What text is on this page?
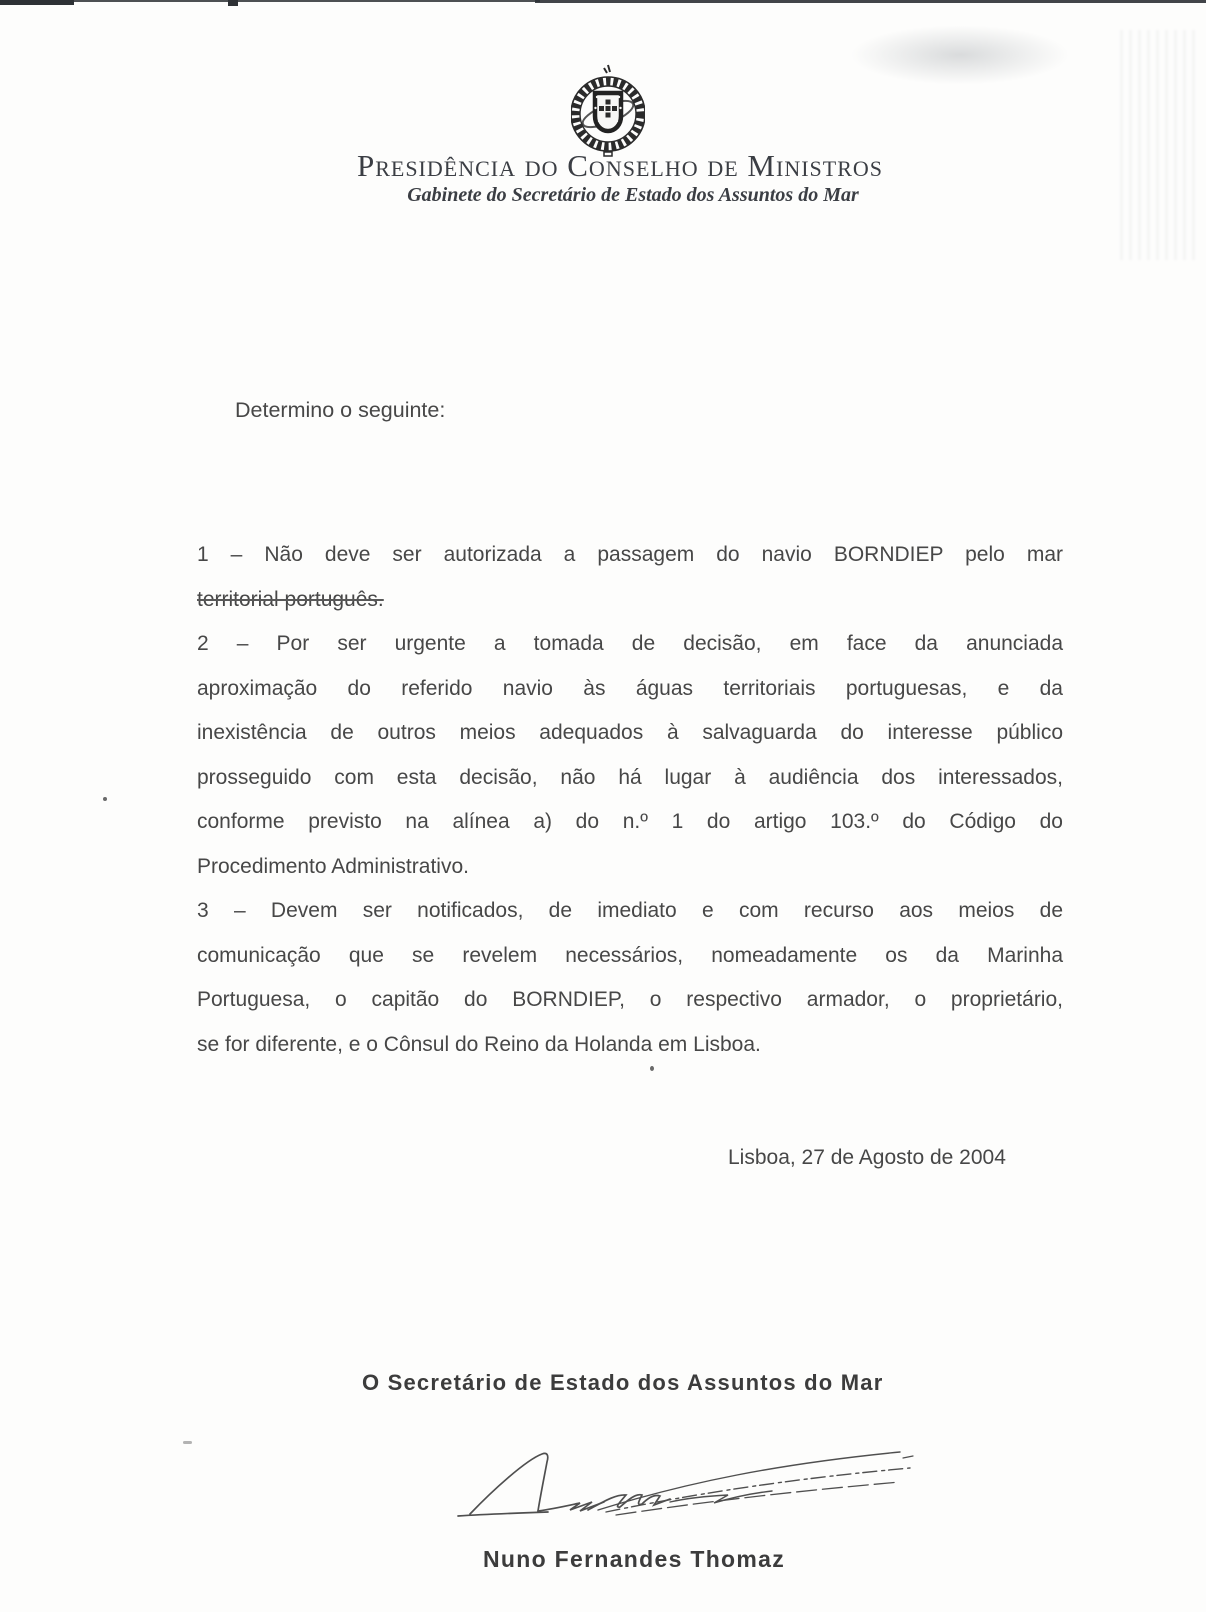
Presidência do Conselho de Ministros
Gabinete do Secretário de Estado dos Assuntos do Mar
Determino o seguinte:
1 – Não deve ser autorizada a passagem do navio BORNDIEP pelo mar
territorial português.
2 – Por ser urgente a tomada de decisão, em face da anunciada
aproximação do referido navio às águas territoriais portuguesas, e da
inexistência de outros meios adequados à salvaguarda do interesse público
prosseguido com esta decisão, não há lugar à audiência dos interessados,
conforme previsto na alínea a) do n.º 1 do artigo 103.º do Código do
Procedimento Administrativo.
3 – Devem ser notificados, de imediato e com recurso aos meios de
comunicação que se revelem necessários, nomeadamente os da Marinha
Portuguesa, o capitão do BORNDIEP, o respectivo armador, o proprietário,
se for diferente, e o Cônsul do Reino da Holanda em Lisboa.
Lisboa, 27 de Agosto de 2004
O Secretário de Estado dos Assuntos do Mar
Nuno Fernandes Thomaz
